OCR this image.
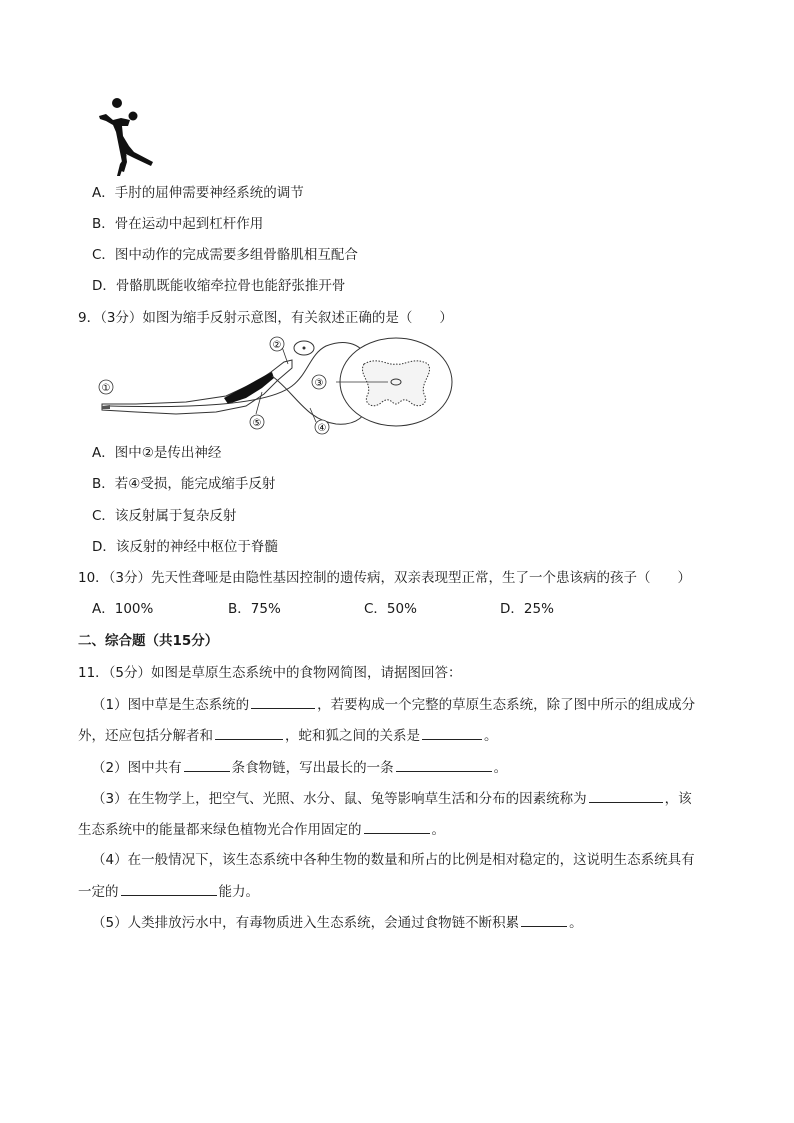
A．手肘的屈伸需要神经系统的调节
B．骨在运动中起到杠杆作用
C．图中动作的完成需要多组骨骼肌相互配合
D．骨骼肌既能收缩牵拉骨也能舒张推开骨
9．（3分）如图为缩手反射示意图，有关叙述正确的是（　　）
①
②
③
④
⑤
A．图中②是传出神经
B．若④受损，能完成缩手反射
C．该反射属于复杂反射
D．该反射的神经中枢位于脊髓
10．（3分）先天性聋哑是由隐性基因控制的遗传病，双亲表现型正常，生了一个患该病的孩子（　　）
A．100%	B．75%	C．50%	D．25%
二、综合题（共15分）
11．（5分）如图是草原生态系统中的食物网简图，请据图回答：
（1）图中草是生态系统的	，若要构成一个完整的草原生态系统，除了图中所示的组成成分
外，还应包括分解者和	，蛇和狐之间的关系是	。
（2）图中共有	条食物链，写出最长的一条	。
（3）在生物学上，把空气、光照、水分、鼠、兔等影响草生活和分布的因素统称为	，该
生态系统中的能量都来绿色植物光合作用固定的	。
（4）在一般情况下，该生态系统中各种生物的数量和所占的比例是相对稳定的，这说明生态系统具有
一定的	能力。
（5）人类排放污水中，有毒物质进入生态系统，会通过食物链不断积累	。
